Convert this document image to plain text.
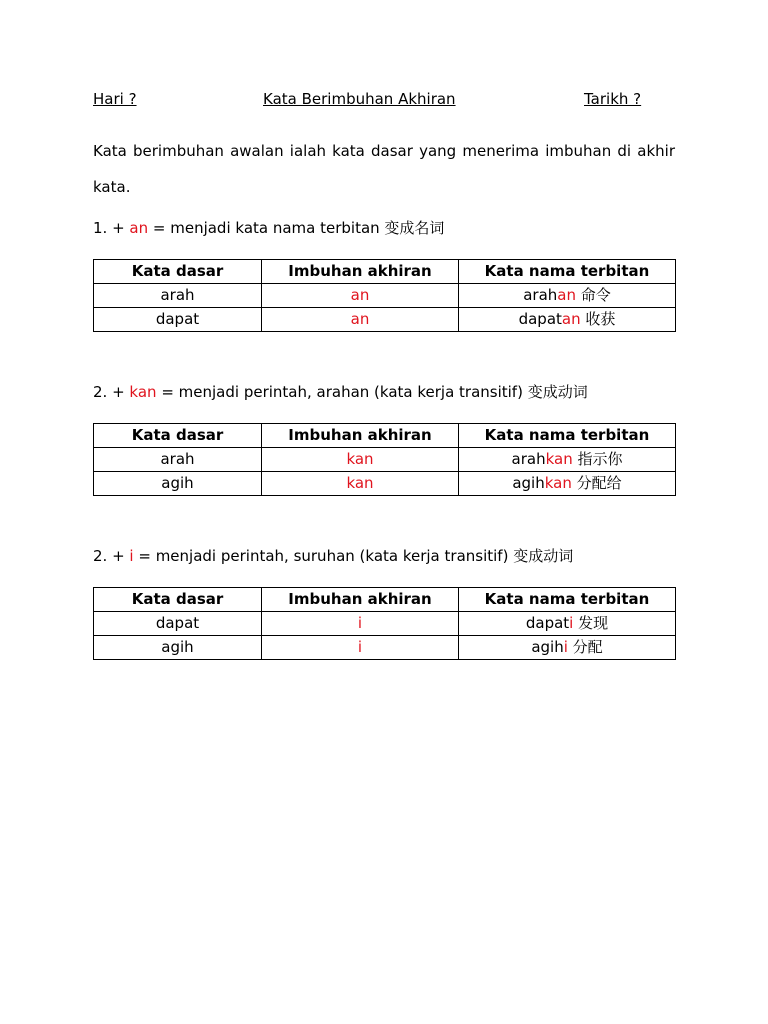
Hari ?	Kata Berimbuhan Akhiran	Tarikh ?

Kata berimbuhan awalan ialah kata dasar yang menerima imbuhan di akhir kata.

1. + an = menjadi kata nama terbitan 变成名词
Kata dasar	Imbuhan akhiran	Kata nama terbitan
arah	an	arahan 命令
dapat	an	dapatan 收获
2. + kan = menjadi perintah, arahan (kata kerja transitif) 变成动词
Kata dasar	Imbuhan akhiran	Kata nama terbitan
arah	kan	arahkan 指示你
agih	kan	agihkan 分配给
2. + i = menjadi perintah, suruhan (kata kerja transitif) 变成动词
Kata dasar	Imbuhan akhiran	Kata nama terbitan
dapat	i	dapati 发现
agih	i	agihi 分配
